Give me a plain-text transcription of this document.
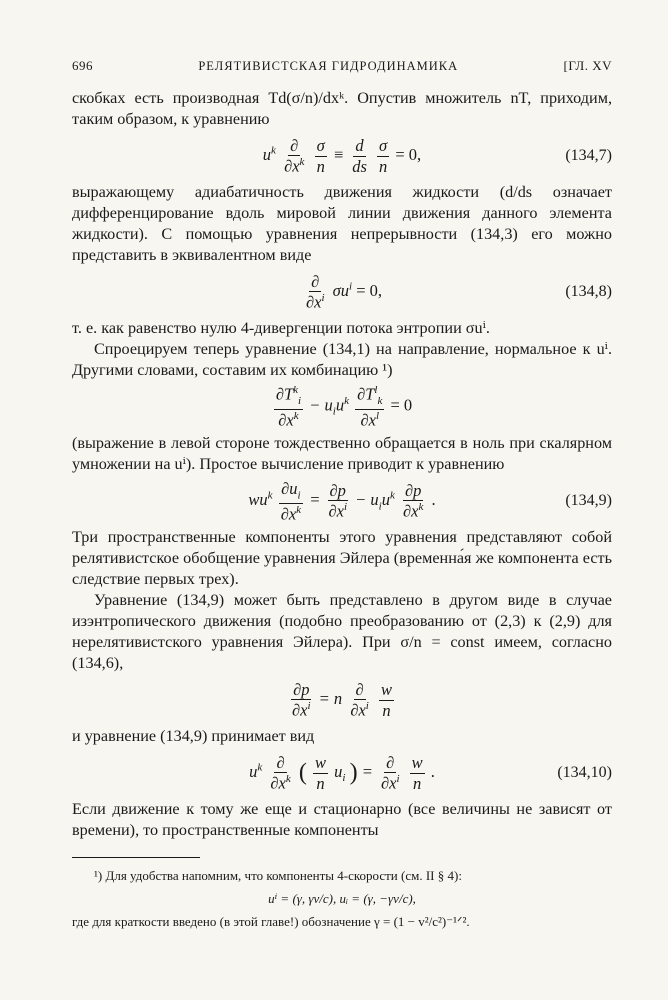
696	РЕЛЯТИВИСТСКАЯ ГИДРОДИНАМИКА	[ГЛ. XV

скобках есть производная Td(σ/n)/dxᵏ. Опустив множитель nT, приходим, таким образом, к уравнению

$u^k \frac{\partial}{\partial x^k}$
$\frac{\sigma}{n} \equiv \frac{d}{ds}$
$\frac{\sigma}{n} = 0$,	(134,7)

выражающему адиабатичность движения жидкости (d/ds означает дифференцирование вдоль мировой линии движения данного элемента жидкости). С помощью уравнения непрерывности (134,3) его можно представить в эквивалентном виде

$\frac{\partial}{\partial x^i} \sigma u^i = 0$,	(134,8)

т. е. как равенство нулю 4-дивергенции потока энтропии σuⁱ.

Спроецируем теперь уравнение (134,1) на направление, нормальное к uⁱ. Другими словами, составим их комбинацию ¹)

$\frac{\partial T^k_i}{\partial x^k} - u_iu^k \frac{\partial T^l_k}{\partial x^l} = 0$

(выражение в левой стороне тождественно обращается в ноль при скалярном умножении на uⁱ). Простое вычисление приводит к уравнению

$wu^k \frac{\partial u_i}{\partial x^k} = \frac{\partial p}{\partial x^i} - u_iu^k \frac{\partial p}{\partial x^k}$ .	(134,9)

Три пространственные компоненты этого уравнения представляют собой релятивистское обобщение уравнения Эйлера (временна́я же компонента есть следствие первых трех).

Уравнение (134,9) может быть представлено в другом виде в случае изэнтропического движения (подобно преобразованию от (2,3) к (2,9) для нерелятивистского уравнения Эйлера). При σ/n = const имеем, согласно (134,6),

$\frac{\partial p}{\partial x^i} = n \frac{\partial}{\partial x^i}$
$\frac{w}{n}$

и уравнение (134,9) принимает вид

$u^k \frac{\partial}{\partial x^k}$ ( $\frac{w}{n} u_i$ ) = $\frac{\partial}{\partial x^i}$
$\frac{w}{n}$ .	(134,10)

Если движение к тому же еще и стационарно (все величины не зависят от времени), то пространственные компоненты

¹) Для удобства напомним, что компоненты 4-скорости (см. II § 4):
uⁱ = (γ, γv/c), uᵢ = (γ, −γv/c),
где для краткости введено (в этой главе!) обозначение γ = (1 − v²/c²)⁻¹ᐟ².
